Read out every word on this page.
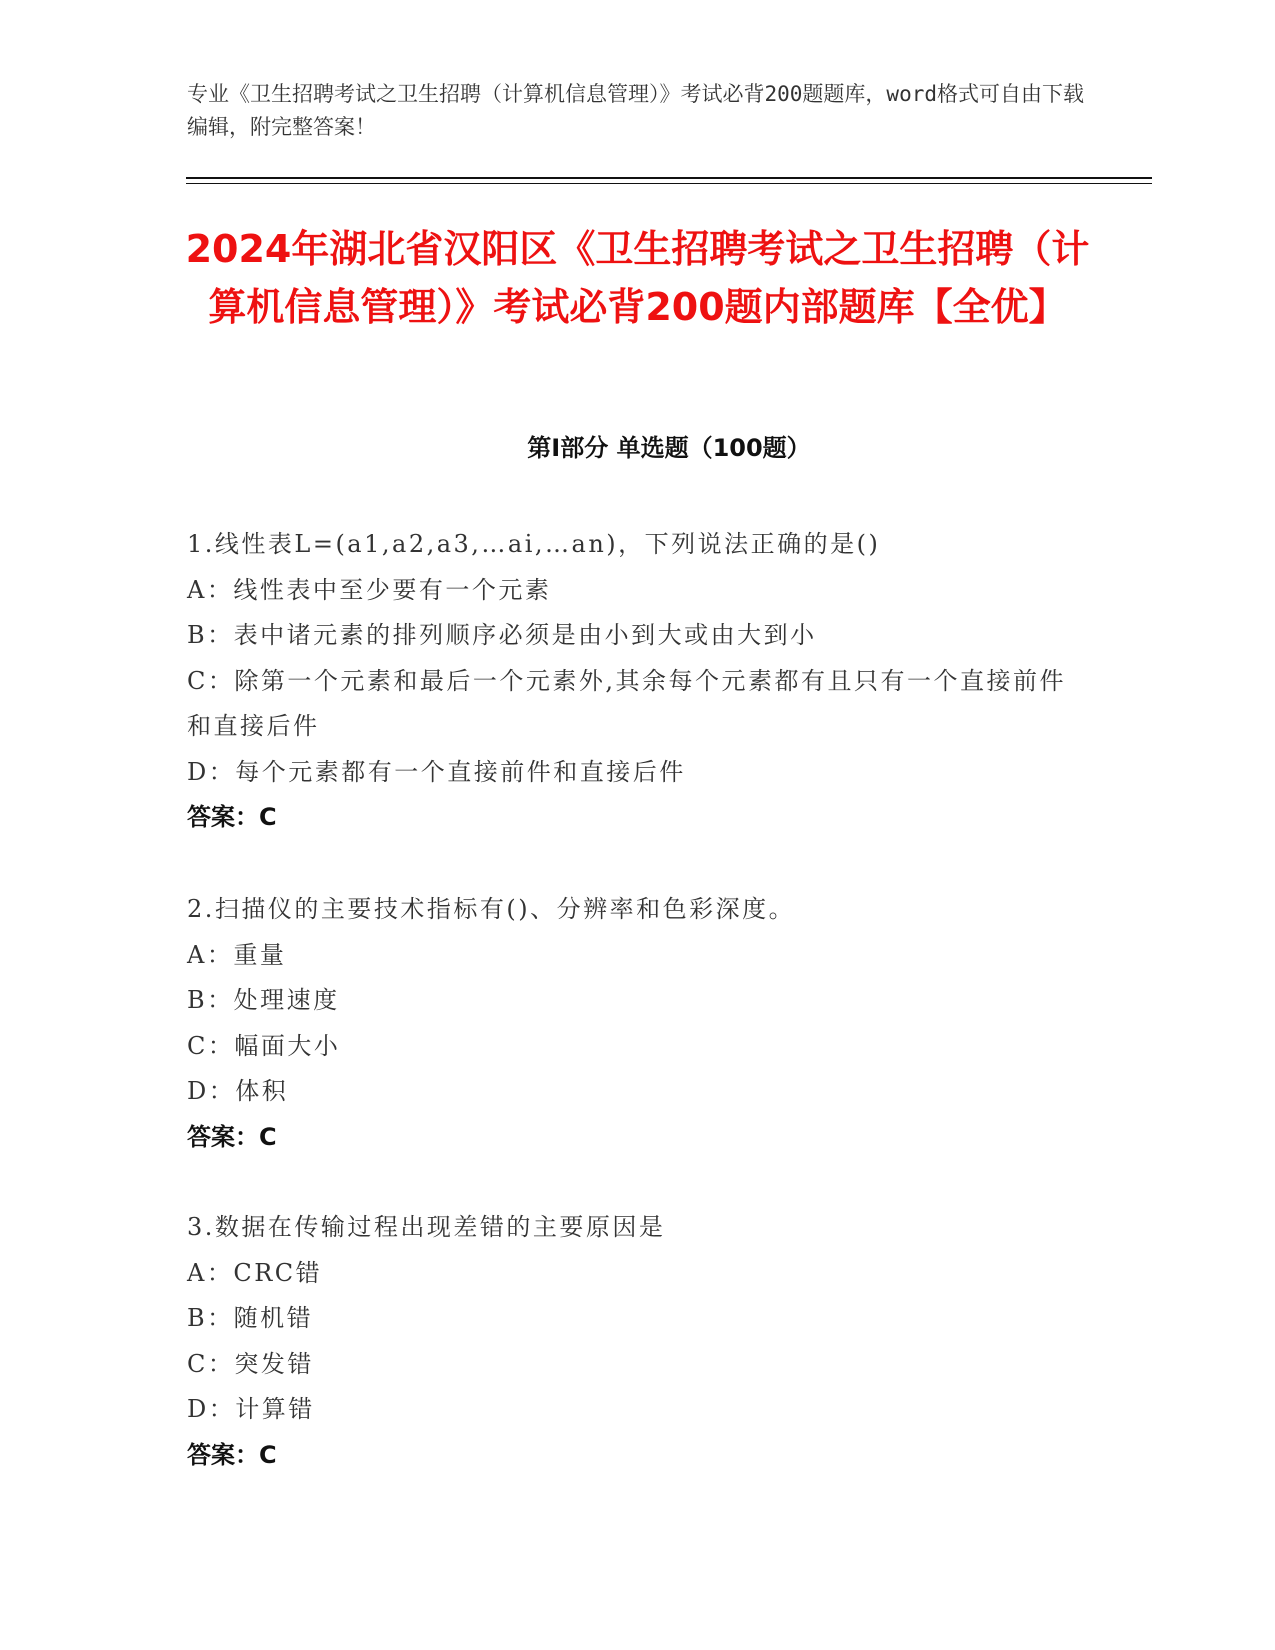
专业《卫生招聘考试之卫生招聘（计算机信息管理）》考试必背200题题库，word格式可自由下载编辑，附完整答案！
2024年湖北省汉阳区《卫生招聘考试之卫生招聘（计算机信息管理）》考试必背200题内部题库【全优】
第Ⅰ部分 单选题（100题）
1.线性表L=(a1,a2,a3,…ai,…an)，下列说法正确的是()
A：线性表中至少要有一个元素
B：表中诸元素的排列顺序必须是由小到大或由大到小
C：除第一个元素和最后一个元素外,其余每个元素都有且只有一个直接前件和直接后件
D：每个元素都有一个直接前件和直接后件
答案：C
2.扫描仪的主要技术指标有()、分辨率和色彩深度。
A：重量
B：处理速度
C：幅面大小
D：体积
答案：C
3.数据在传输过程出现差错的主要原因是
A：CRC错
B：随机错
C：突发错
D：计算错
答案：C
